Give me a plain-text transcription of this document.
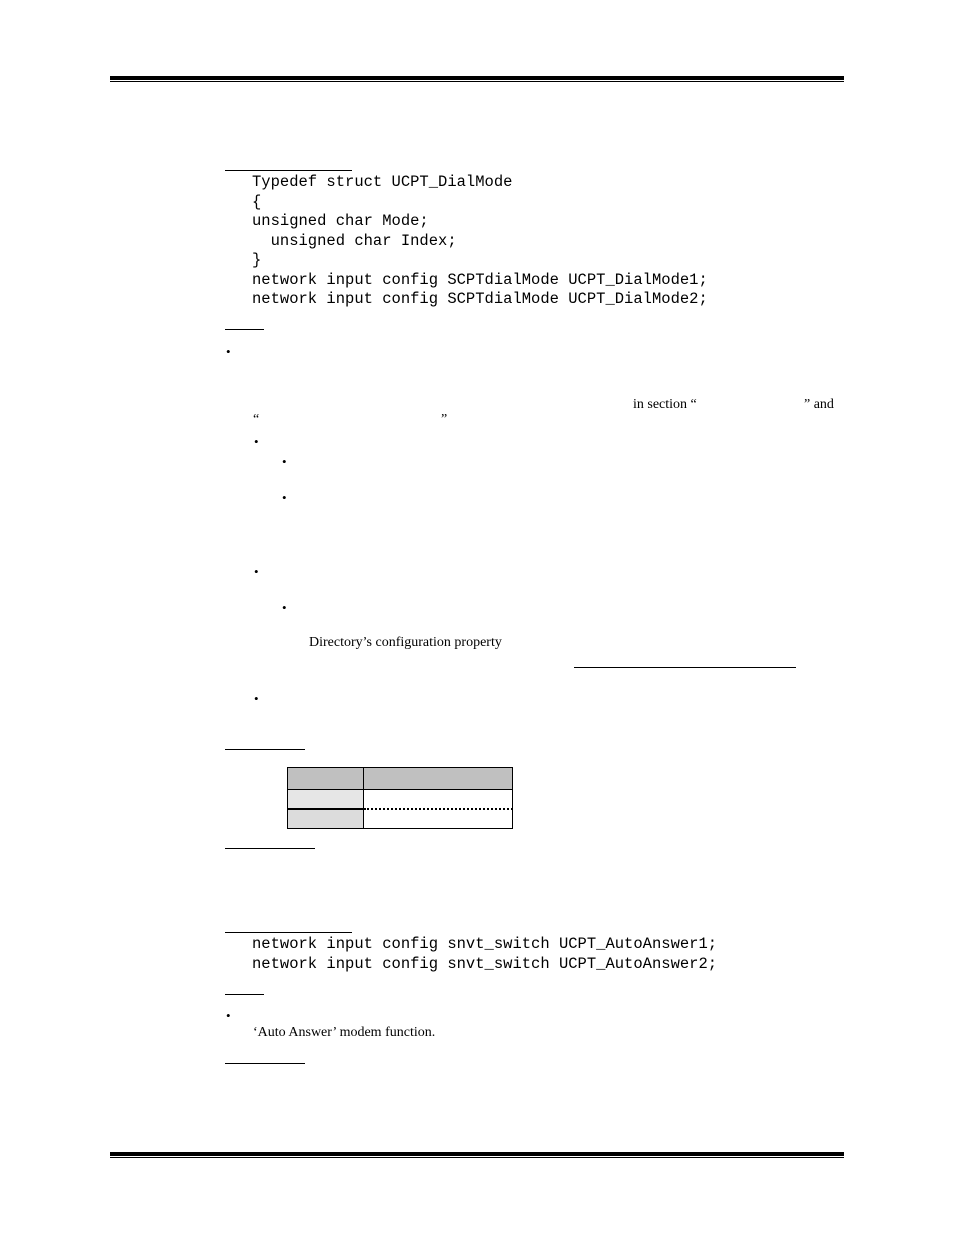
Typedef struct UCPT_DialMode
{
unsigned char Mode;
unsigned char Index;
}
network input config SCPTdialMode UCPT_DialMode1;
network input config SCPTdialMode UCPT_DialMode2;
•
in section “	” and
“	”
•
•
•
•
•
Directory’s configuration property
•

network input config snvt_switch UCPT_AutoAnswer1;
network input config snvt_switch UCPT_AutoAnswer2;
•
‘Auto Answer’ modem function.
